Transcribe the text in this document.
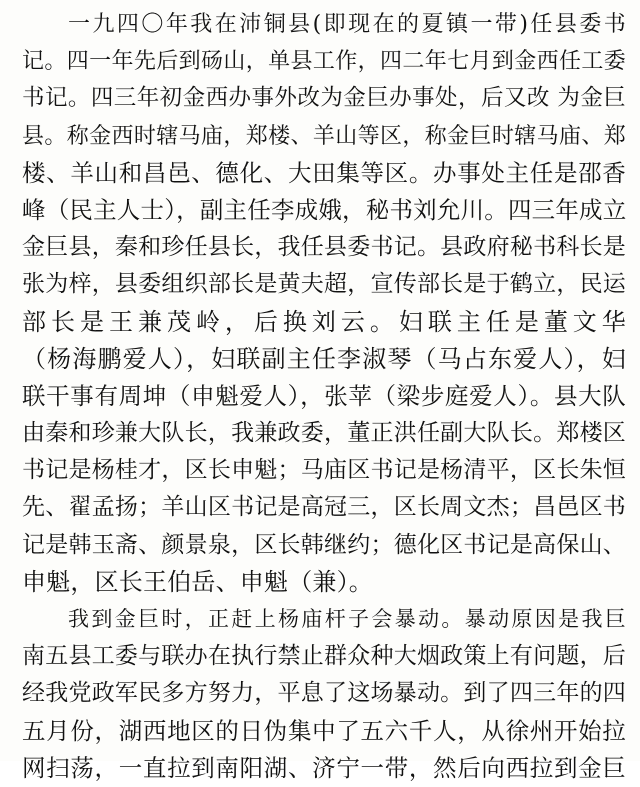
一九四〇年我在沛铜县(即现在的夏镇一带)任县委书
记。四一年先后到砀山，单县工作，四二年七月到金西任工委
书记。四三年初金西办事外改为金巨办事处，后又改 为金巨
县。称金西时辖马庙，郑楼、羊山等区，称金巨时辖马庙、郑
楼、羊山和昌邑、德化、大田集等区。办事处主任是邵香
峰（民主人士），副主任李成娥，秘书刘允川。四三年成立
金巨县，秦和珍任县长，我任县委书记。县政府秘书科长是
张为梓，县委组织部长是黄夫超，宣传部长是于鹤立，民运
部长是王兼茂岭，后换刘云。妇联主任是董文华
（杨海鹏爱人），妇联副主任李淑琴（马占东爱人），妇
联干事有周坤（申魁爱人），张苹（梁步庭爱人）。县大队
由秦和珍兼大队长，我兼政委，董正洪任副大队长。郑楼区
书记是杨桂才，区长申魁；马庙区书记是杨清平，区长朱恒
先、翟孟扬；羊山区书记是高冠三，区长周文杰；昌邑区书
记是韩玉斋、颜景泉，区长韩继约；德化区书记是高保山、
申魁，区长王伯岳、申魁（兼）。
我到金巨时，正赶上杨庙杆子会暴动。暴动原因是我巨
南五县工委与联办在执行禁止群众种大烟政策上有问题，后
经我党政军民多方努力，平息了这场暴动。到了四三年的四
五月份，湖西地区的日伪集中了五六千人，从徐州开始拉
网扫荡，一直拉到南阳湖、济宁一带，然后向西拉到金巨
